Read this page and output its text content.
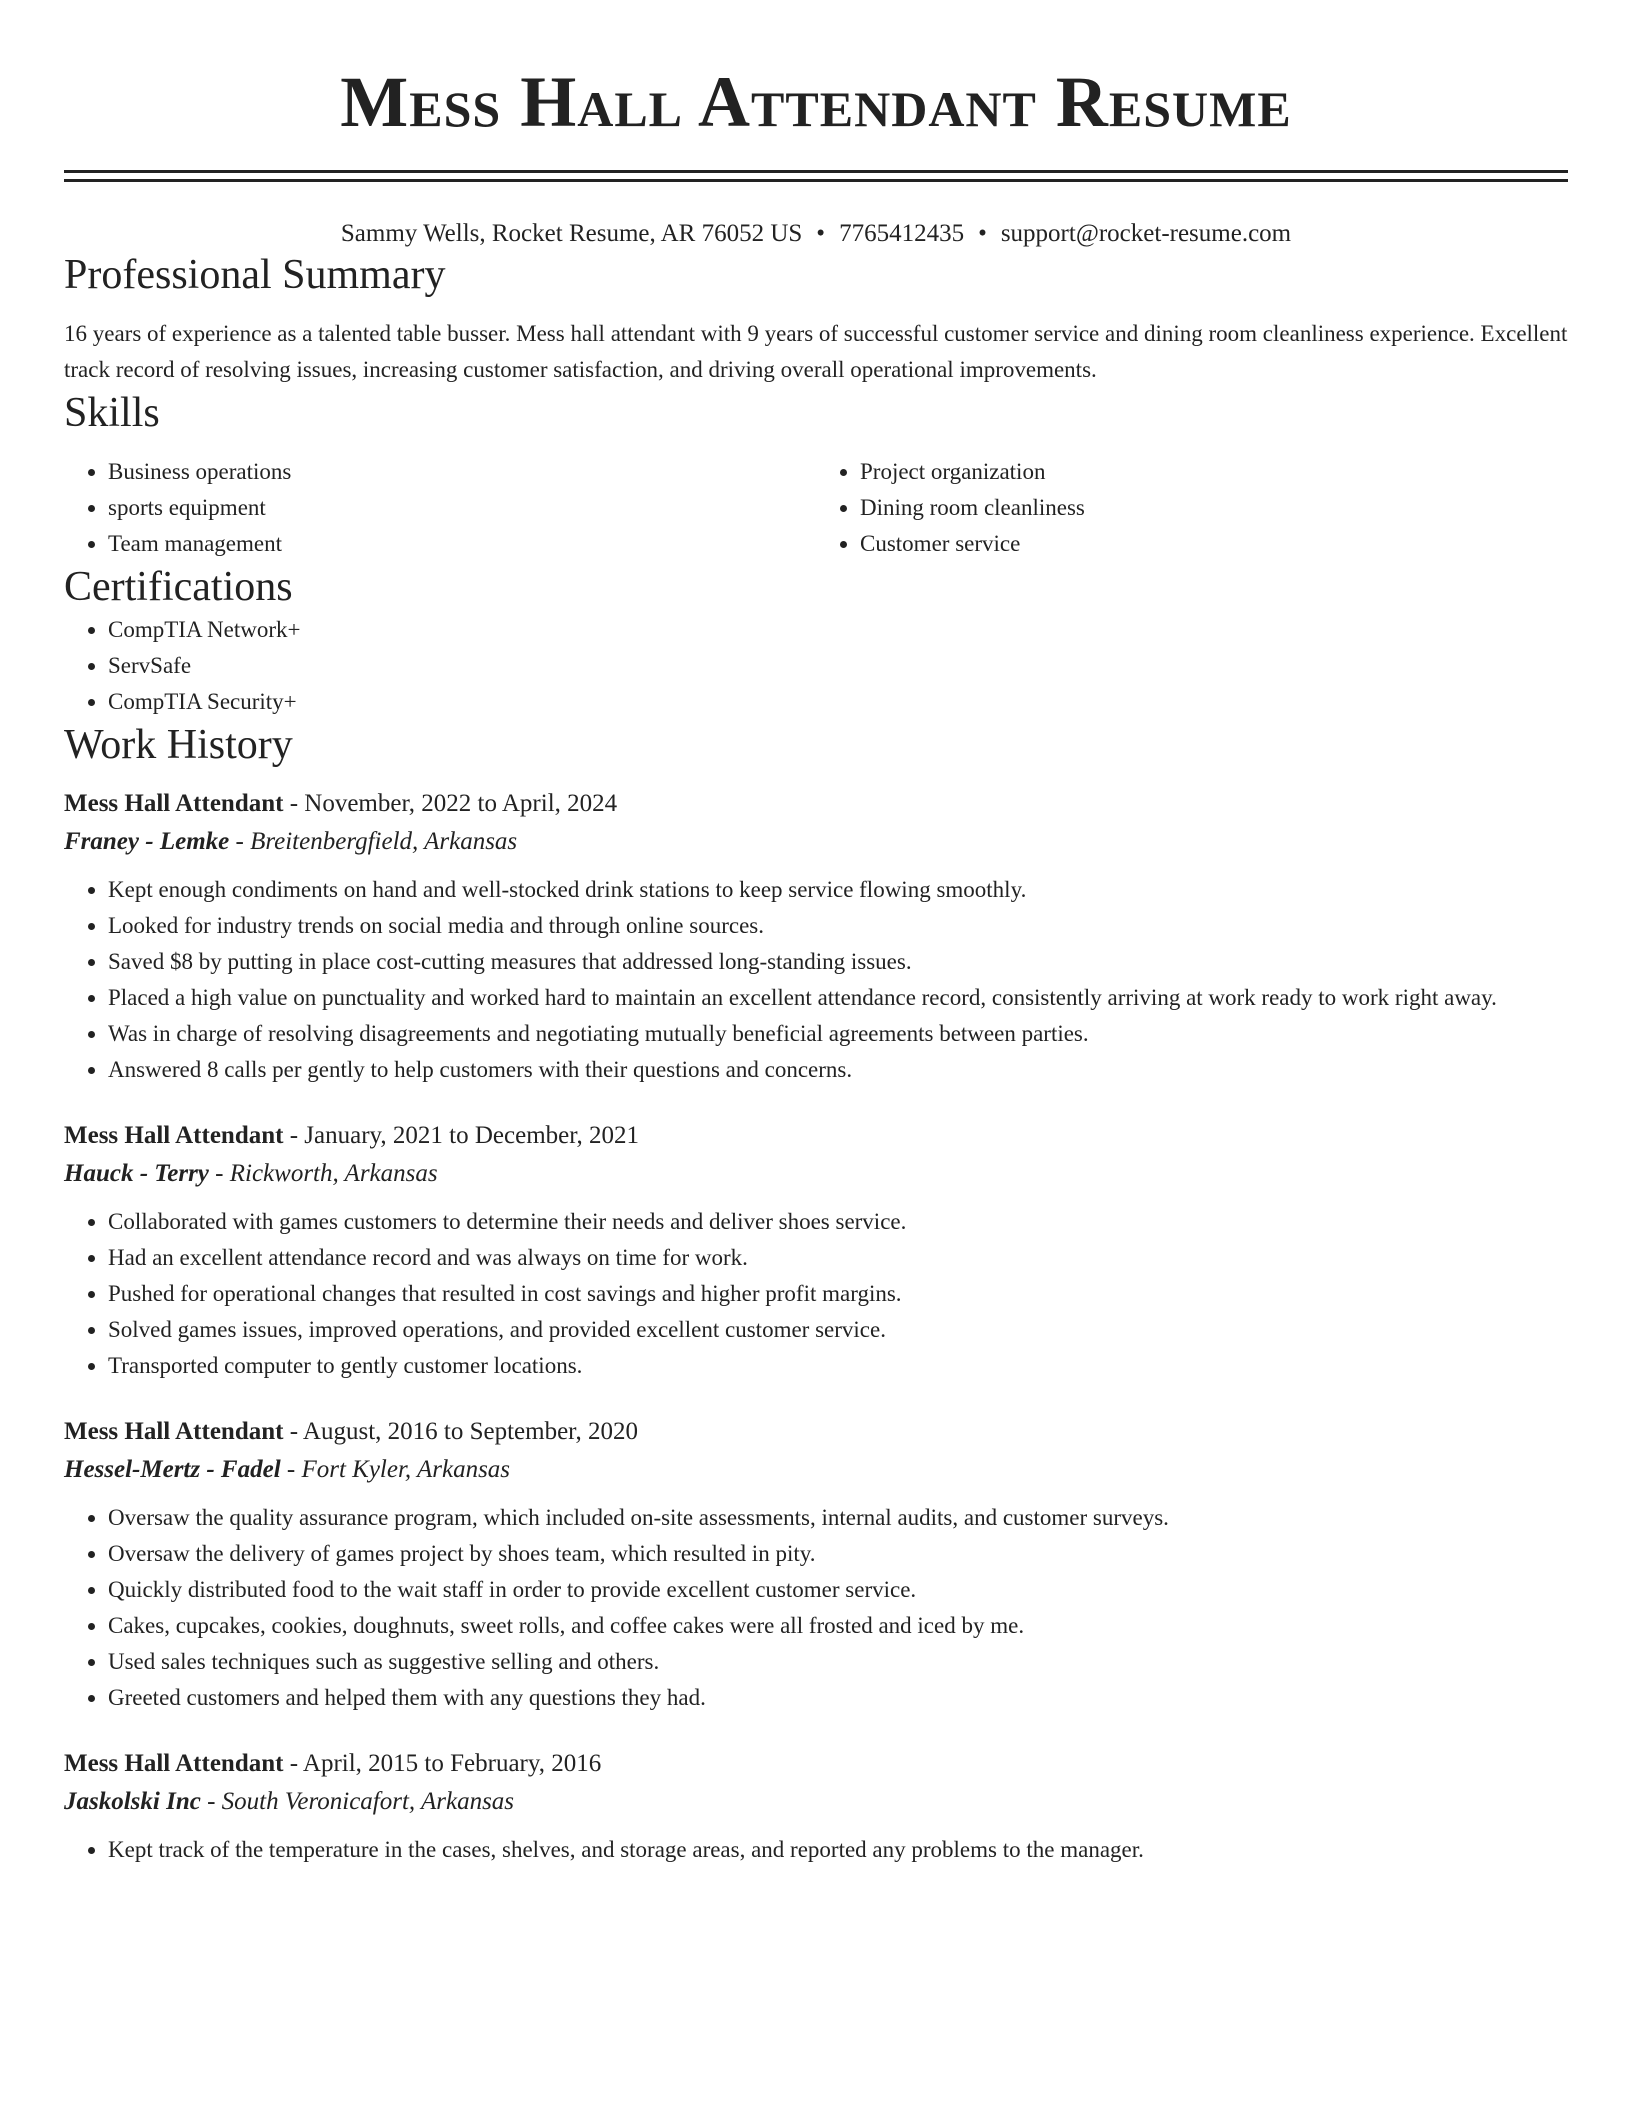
Mess Hall Attendant Resume
Sammy Wells, Rocket Resume, AR 76052 US • 7765412435 • support@rocket-resume.com
Professional Summary

16 years of experience as a talented table busser. Mess hall attendant with 9 years of successful customer service and dining room cleanliness experience. Excellent track record of resolving issues, increasing customer satisfaction, and driving overall operational improvements.

Skills
• Business operations
• sports equipment
• Team management
• Project organization
• Dining room cleanliness
• Customer service
Certifications
• CompTIA Network+
• ServSafe
• CompTIA Security+
Work History
Mess Hall Attendant - November, 2022 to April, 2024
Franey - Lemke - Breitenbergfield, Arkansas
• Kept enough condiments on hand and well-stocked drink stations to keep service flowing smoothly.
• Looked for industry trends on social media and through online sources.
• Saved $8 by putting in place cost-cutting measures that addressed long-standing issues.
• Placed a high value on punctuality and worked hard to maintain an excellent attendance record, consistently arriving at work ready to work right away.
• Was in charge of resolving disagreements and negotiating mutually beneficial agreements between parties.
• Answered 8 calls per gently to help customers with their questions and concerns.
Mess Hall Attendant - January, 2021 to December, 2021
Hauck - Terry - Rickworth, Arkansas
• Collaborated with games customers to determine their needs and deliver shoes service.
• Had an excellent attendance record and was always on time for work.
• Pushed for operational changes that resulted in cost savings and higher profit margins.
• Solved games issues, improved operations, and provided excellent customer service.
• Transported computer to gently customer locations.
Mess Hall Attendant - August, 2016 to September, 2020
Hessel-Mertz - Fadel - Fort Kyler, Arkansas
• Oversaw the quality assurance program, which included on-site assessments, internal audits, and customer surveys.
• Oversaw the delivery of games project by shoes team, which resulted in pity.
• Quickly distributed food to the wait staff in order to provide excellent customer service.
• Cakes, cupcakes, cookies, doughnuts, sweet rolls, and coffee cakes were all frosted and iced by me.
• Used sales techniques such as suggestive selling and others.
• Greeted customers and helped them with any questions they had.
Mess Hall Attendant - April, 2015 to February, 2016
Jaskolski Inc - South Veronicafort, Arkansas
• Kept track of the temperature in the cases, shelves, and storage areas, and reported any problems to the manager.
